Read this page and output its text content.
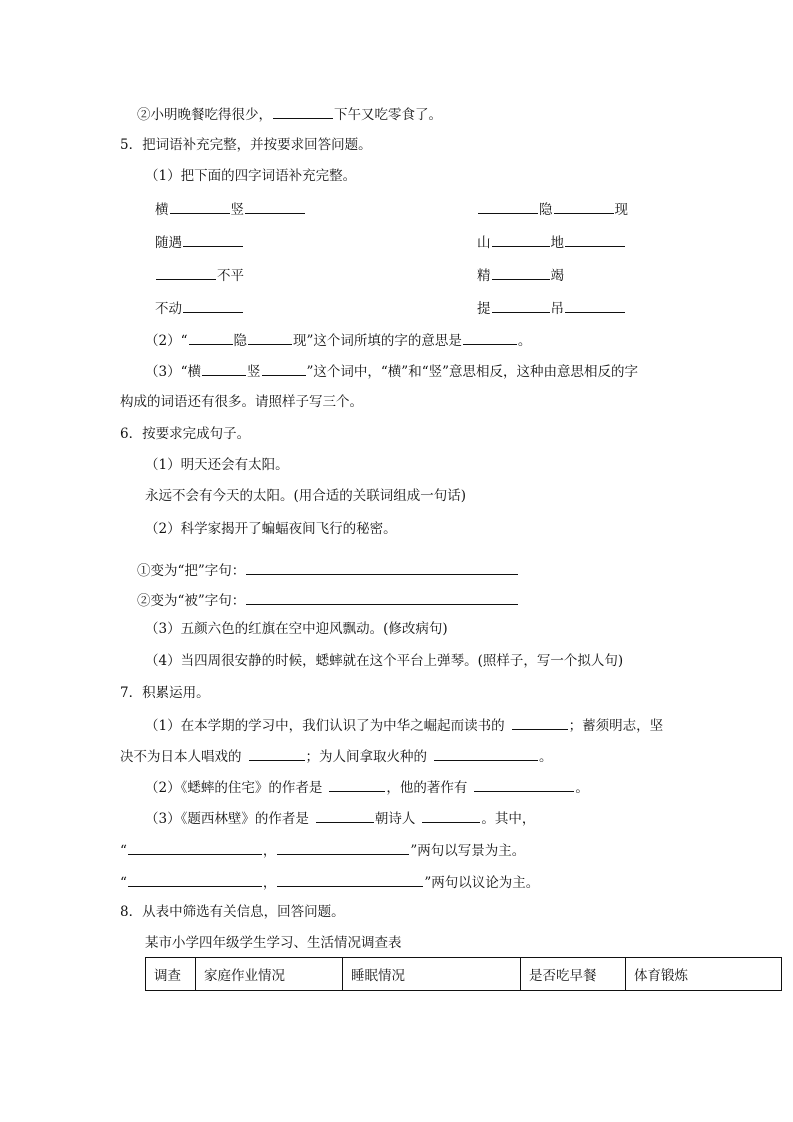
②小明晚餐吃得很少，	下午又吃零食了。
5．把词语补充完整，并按要求回答问题。
（1）把下面的四字词语补充完整。
横	竖	隐	现
随遇	山	地
不平	精	竭
不动	提	吊
（2）“	隐	现”这个词所填的字的意思是	。
（3）“横	竖	”这个词中，“横”和“竖”意思相反，这种由意思相反的字
构成的词语还有很多。请照样子写三个。
6．按要求完成句子。
（1）明天还会有太阳。
永远不会有今天的太阳。(用合适的关联词组成一句话)
（2）科学家揭开了蝙蝠夜间飞行的秘密。
①变为“把”字句：
②变为“被”字句：
（3）五颜六色的红旗在空中迎风飘动。(修改病句)
（4）当四周很安静的时候，蟋蟀就在这个平台上弹琴。(照样子，写一个拟人句)
7．积累运用。
（1）在本学期的学习中，我们认识了为中华之崛起而读书的	；蓄须明志，坚
决不为日本人唱戏的	；为人间拿取火种的	。
（2）《蟋蟀的住宅》的作者是	，他的著作有	。
（3）《题西林壁》的作者是	朝诗人	。其中，
“	，	”两句以写景为主。
“	，	”两句以议论为主。
8．从表中筛选有关信息，回答问题。
某市小学四年级学生学习、生活情况调查表
调查	家庭作业情况	睡眠情况	是否吃早餐	体育锻炼
